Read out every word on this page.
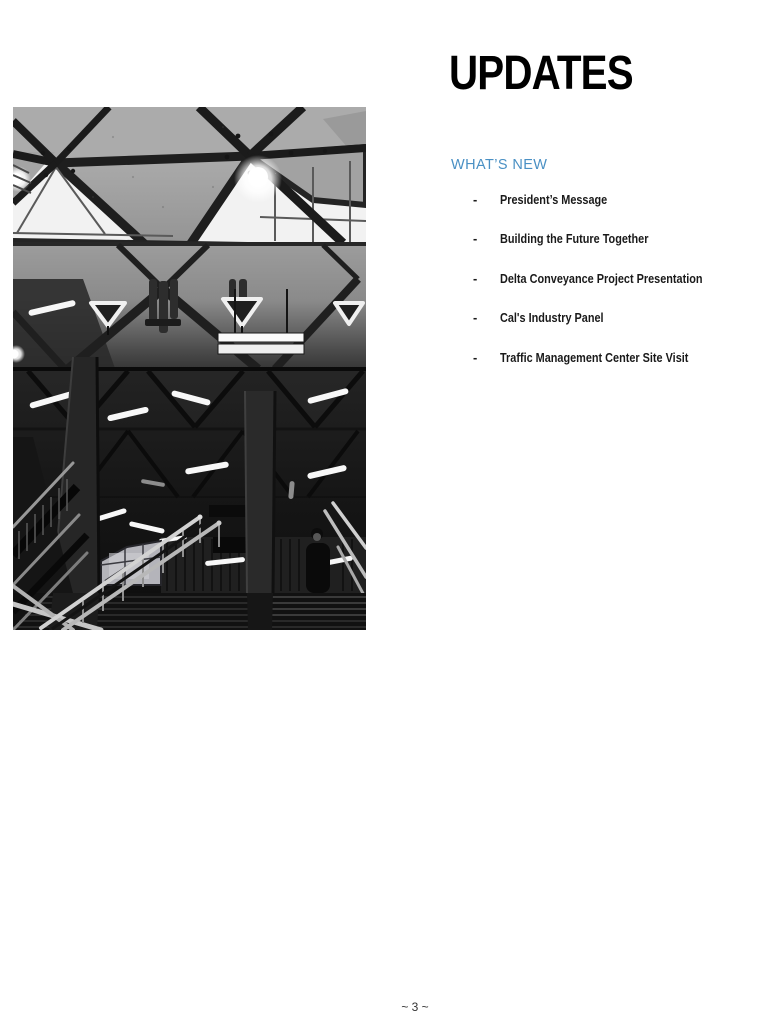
UPDATES
WHAT’S NEW
-	President’s Message
-	Building the Future Together
-	Delta Conveyance Project Presentation
-	Cal's Industry Panel
-	Traffic Management Center Site Visit
~ 3 ~
